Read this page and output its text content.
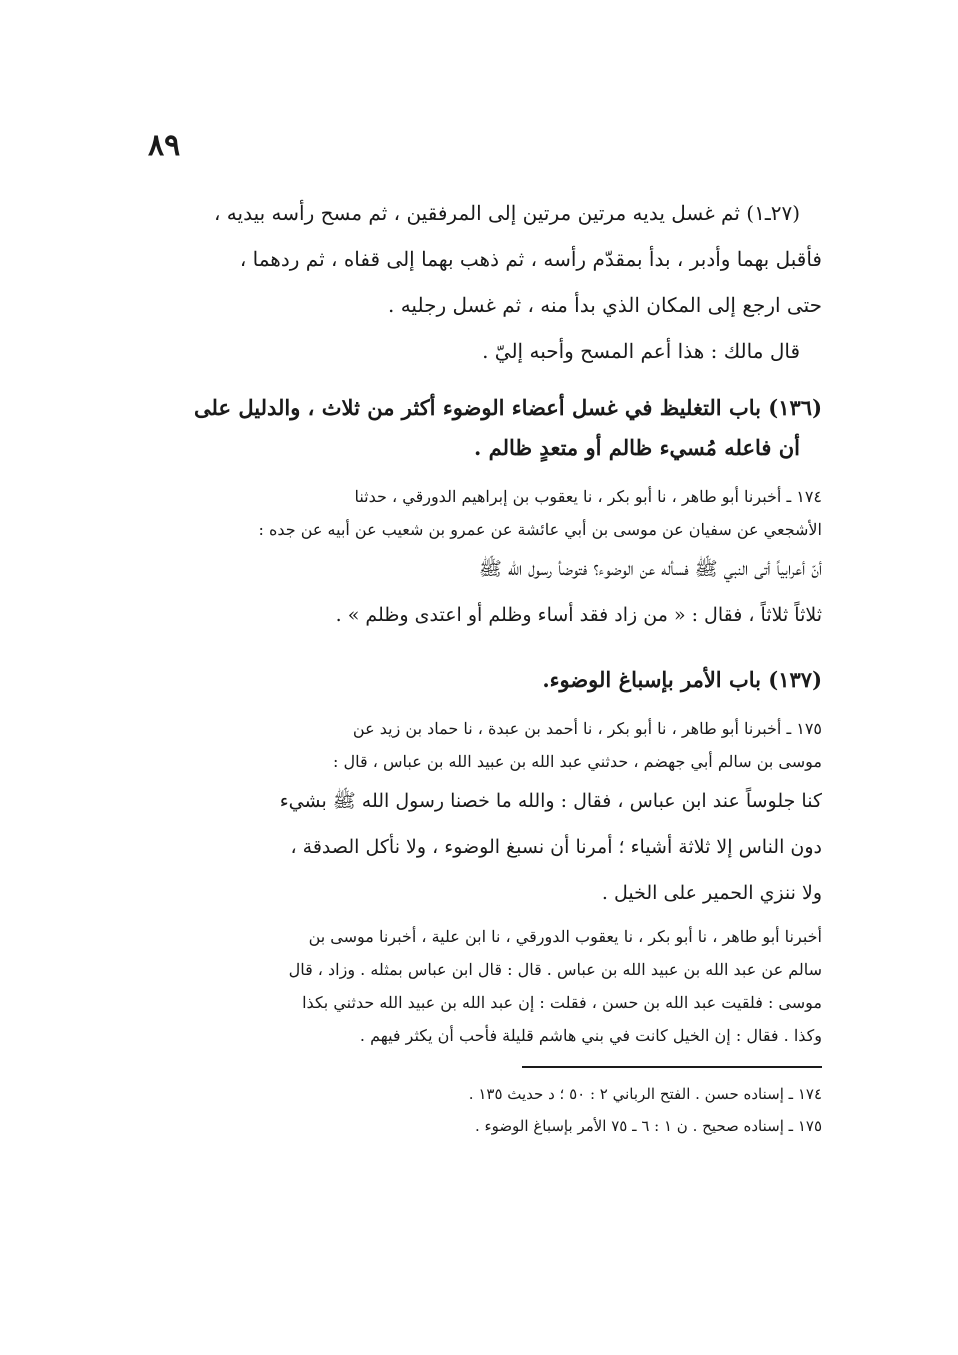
٨٩
(٢٧ـ١) ثم غسل يديه مرتين مرتين إلى المرفقين ، ثم مسح رأسه بيديه ،
فأقبل بهما وأدبر ، بدأ بمقدّم رأسه ، ثم ذهب بهما إلى قفاه ، ثم ردهما ،
حتى ارجع إلى المكان الذي بدأ منه ، ثم غسل رجليه .
قال مالك : هذا أعم المسح وأحبه إليّ .
(١٣٦) باب التغليظ في غسل أعضاء الوضوء أكثر من ثلاث ، والدليل على
أن فاعله مُسيء ظالم أو متعدٍ ظالم .
١٧٤ ـ أخبرنا أبو طاهر ، نا أبو بكر ، نا يعقوب بن إبراهيم الدورقي ، حدثنا
الأشجعي عن سفيان عن موسى بن أبي عائشة عن عمرو بن شعيب عن أبيه عن جده :
أنّ أعرابياً أتى النبي ﷺ فسأله عن الوضوء؟ فتوضأ رسول الله ﷺ
ثلاثاً ثلاثاً ، فقال : « من زاد فقد أساء وظلم أو اعتدى وظلم » .
(١٣٧) باب الأمر بإسباغ الوضوء.
١٧٥ ـ أخبرنا أبو طاهر ، نا أبو بكر ، نا أحمد بن عبدة ، نا حماد بن زيد عن
موسى بن سالم أبي جهضم ، حدثني عبد الله بن عبيد الله بن عباس ، قال :
كنا جلوساً عند ابن عباس ، فقال : والله ما خصنا رسول الله ﷺ بشيء
دون الناس إلا ثلاثة أشياء ؛ أمرنا أن نسبغ الوضوء ، ولا نأكل الصدقة ،
ولا ننزي الحمير على الخيل .
أخبرنا أبو طاهر ، نا أبو بكر ، نا يعقوب الدورقي ، نا ابن علية ، أخبرنا موسى بن
سالم عن عبد الله بن عبيد الله بن عباس . قال : قال ابن عباس بمثله . وزاد ، قال
موسى : فلقيت عبد الله بن حسن ، فقلت : إن عبد الله بن عبيد الله حدثني بكذا
وكذا . فقال : إن الخيل كانت في بني هاشم قليلة فأحب أن يكثر فيهم .
١٧٤ ـ إسناده حسن . الفتح الرباني ٢ : ٥٠ ؛ د حديث ١٣٥ .
١٧٥ ـ إسناده صحيح . ن ١ : ٦ ـ ٧٥ الأمر بإسباغ الوضوء .
